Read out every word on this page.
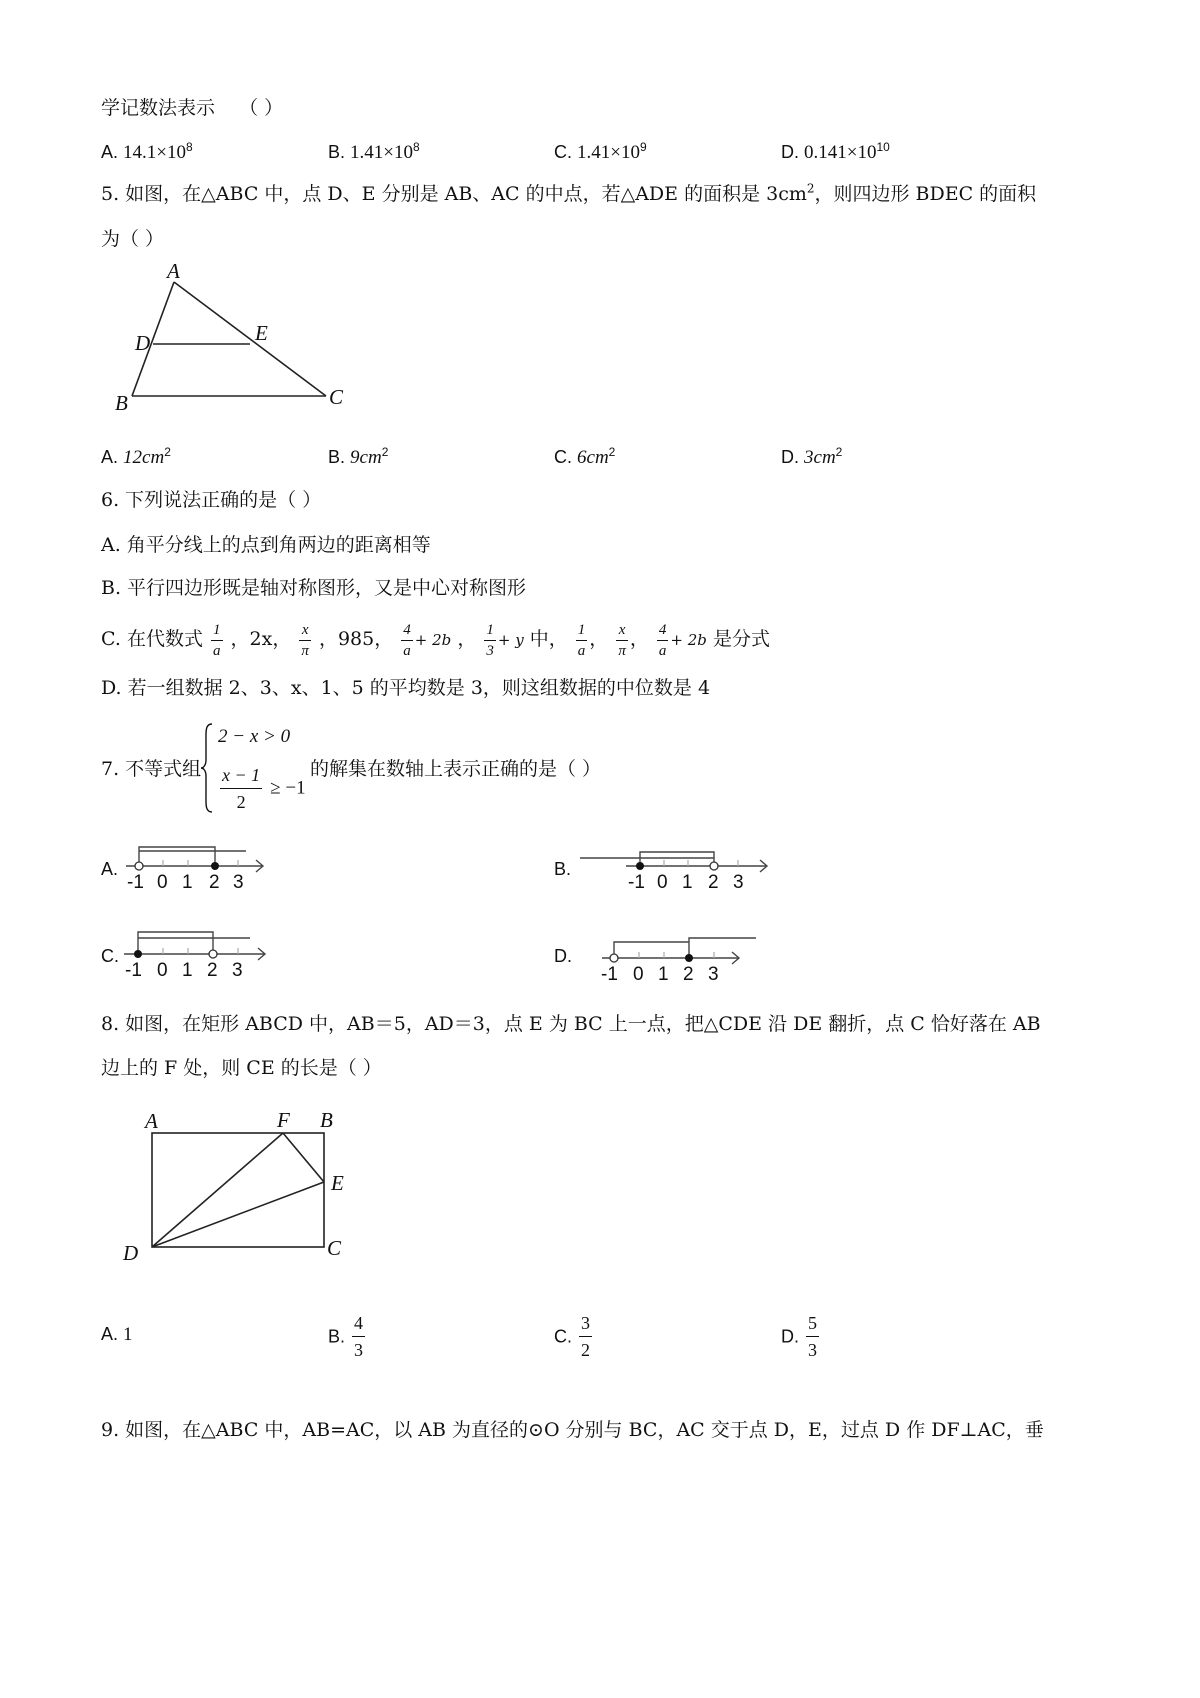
学记数法表示 （ ）
A. $14.1\times 10^8$	B. $1.41\times 10^8$	C. $1.41\times 10^9$	D. $0.141\times 10^{10}$
5. 如图，在△ABC 中，点 D、E 分别是 AB、AC 的中点，若△ADE 的面积是 $3cm^2$，则四边形 BDEC 的面积
为（ ）
A
D	E
B	C
A. $12cm^2$	B. $9cm^2$	C. $6cm^2$	D. $3cm^2$
6. 下列说法正确的是（ ）
A. 角平分线上的点到角两边的距离相等
B. 平行四边形既是轴对称图形，又是中心对称图形
C. 在代数式 $\frac{1}{a}$ ，2x， $\frac{x}{\pi}$ ，985， $\frac{4}{a} + 2b$ ， $\frac{1}{3} + y$ 中， $\frac{1}{a}$ ， $\frac{x}{\pi}$ ， $\frac{4}{a} + 2b$ 是分式
D. 若一组数据 2、3、x、1、5 的平均数是 3，则这组数据的中位数是 4
7. 不等式组
2 − x > 0
$\frac{x - 1}{2} \ge -1$
的解集在数轴上表示正确的是（ ）
A.
-1 0 1 2 3
B.
-1 0 1 2 3
C.
-1 0 1 2 3
D.
-1 0 1 2 3
8. 如图，在矩形 ABCD 中，AB＝5，AD＝3，点 E 为 BC 上一点，把△CDE 沿 DE 翻折，点 C 恰好落在 AB
边上的 F 处，则 CE 的长是（ ）
A	F B
E
C
D
A. 1	B. $\frac{4}{3}$	C. $\frac{3}{2}$	D. $\frac{5}{3}$
9. 如图，在△ABC 中，AB=AC，以 AB 为直径的⊙O 分别与 BC，AC 交于点 D，E，过点 D 作 DF⊥AC，垂
